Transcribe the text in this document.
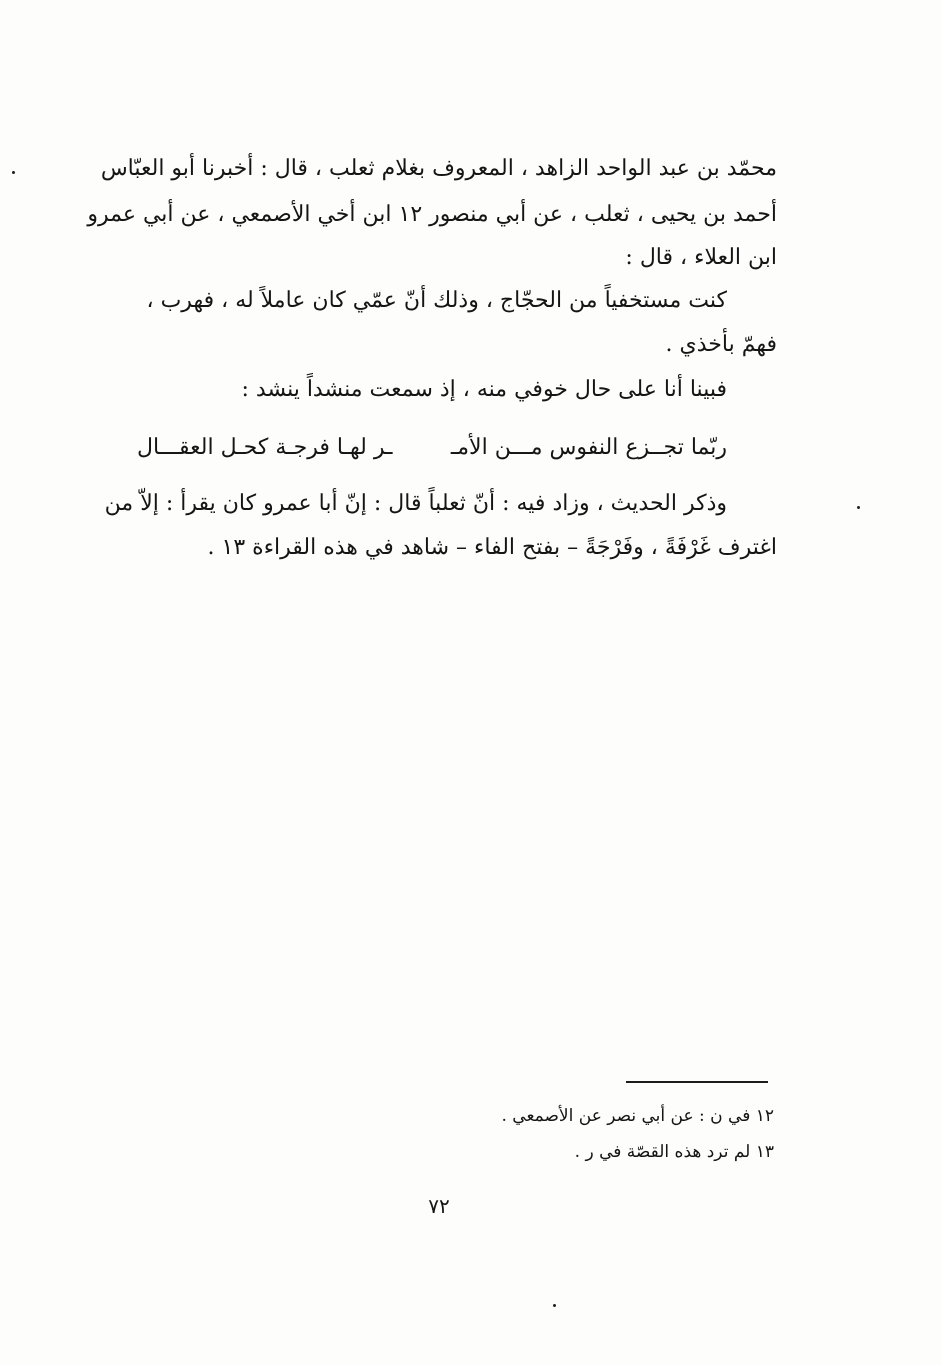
محمّد بن عبد الواحد الزاهد ، المعروف بغلام ثعلب ، قال : أخبرنا أبو العبّاس
أحمد بن يحيى ، ثعلب ، عن أبي منصور ١٢ ابن أخي الأصمعي ، عن أبي عمرو
ابن العلاء ، قال :
كنت مستخفياً من الحجّاج ، وذلك أنّ عمّي كان عاملاً له ، فهرب ،
فهمّ بأخذي .
فبينا أنا على حال خوفي منه ، إذ سمعت منشداً ينشد :
ربّما تجــزع النفوس مـــن الأمـ
ـر لهـا فرجـة كحـل العقـــال
وذكر الحديث ، وزاد فيه : أنّ ثعلباً قال : إنّ أبا عمرو كان يقرأ : إلاّ من
اغترف غَرْفَةً ، وفَرْجَةً – بفتح الفاء – شاهد في هذه القراءة ١٣ .
١٢ في ن : عن أبي نصر عن الأصمعي .
١٣ لم ترد هذه القصّة في ر .
٧٢
